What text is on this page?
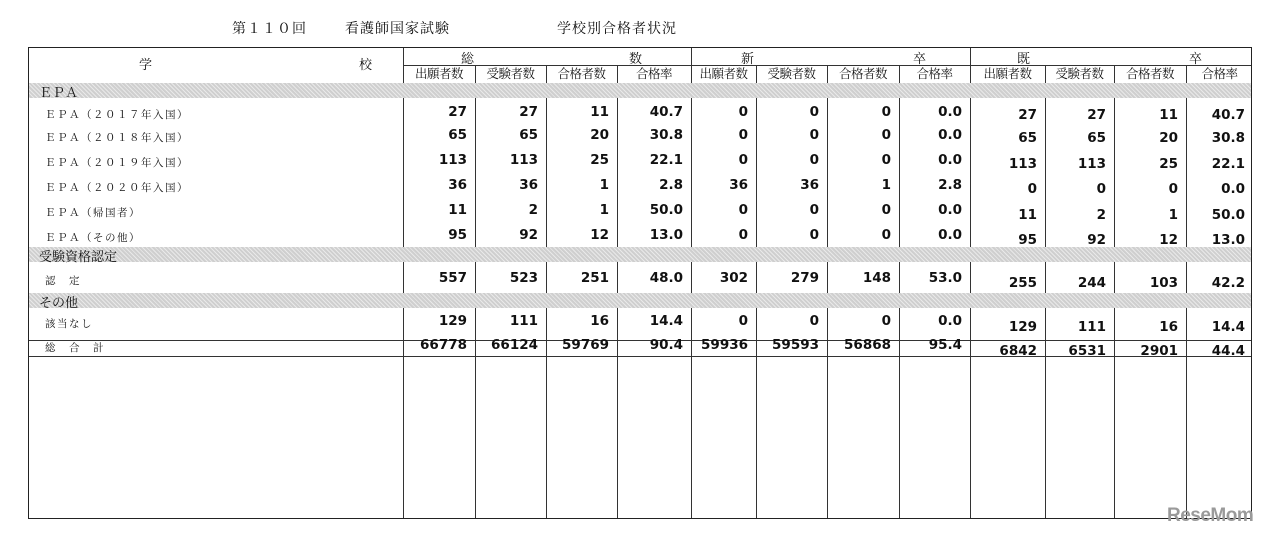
第１１０回	看護師国家試験	学校別合格者状況
学	校	総	数	新	卒	既	卒
出願者数	受験者数	合格者数	合格率	出願者数	受験者数	合格者数	合格率	出願者数	受験者数	合格者数	合格率
ＥＰＡ
受験資格認定
その他
ＥＰＡ（２０１７年入国）	27	27	11	40.7	0	0	0	0.0	27	27	11	40.7
ＥＰＡ（２０１８年入国）	65	65	20	30.8	0	0	0	0.0	65	65	20	30.8
ＥＰＡ（２０１９年入国）	113	113	25	22.1	0	0	0	0.0	113	113	25	22.1
ＥＰＡ（２０２０年入国）	36	36	1	2.8	36	36	1	2.8	0	0	0	0.0
ＥＰＡ（帰国者）	11	2	1	50.0	0	0	0	0.0	11	2	1	50.0
ＥＰＡ（その他）	95	92	12	13.0	0	0	0	0.0	95	92	12	13.0
認　定	557	523	251	48.0	302	279	148	53.0	255	244	103	42.2
該当なし	129	111	16	14.4	0	0	0	0.0	129	111	16	14.4
総　合　計	66778	66124	59769	90.4	59936	59593	56868	95.4	6842	6531	2901	44.4
ReseMom
